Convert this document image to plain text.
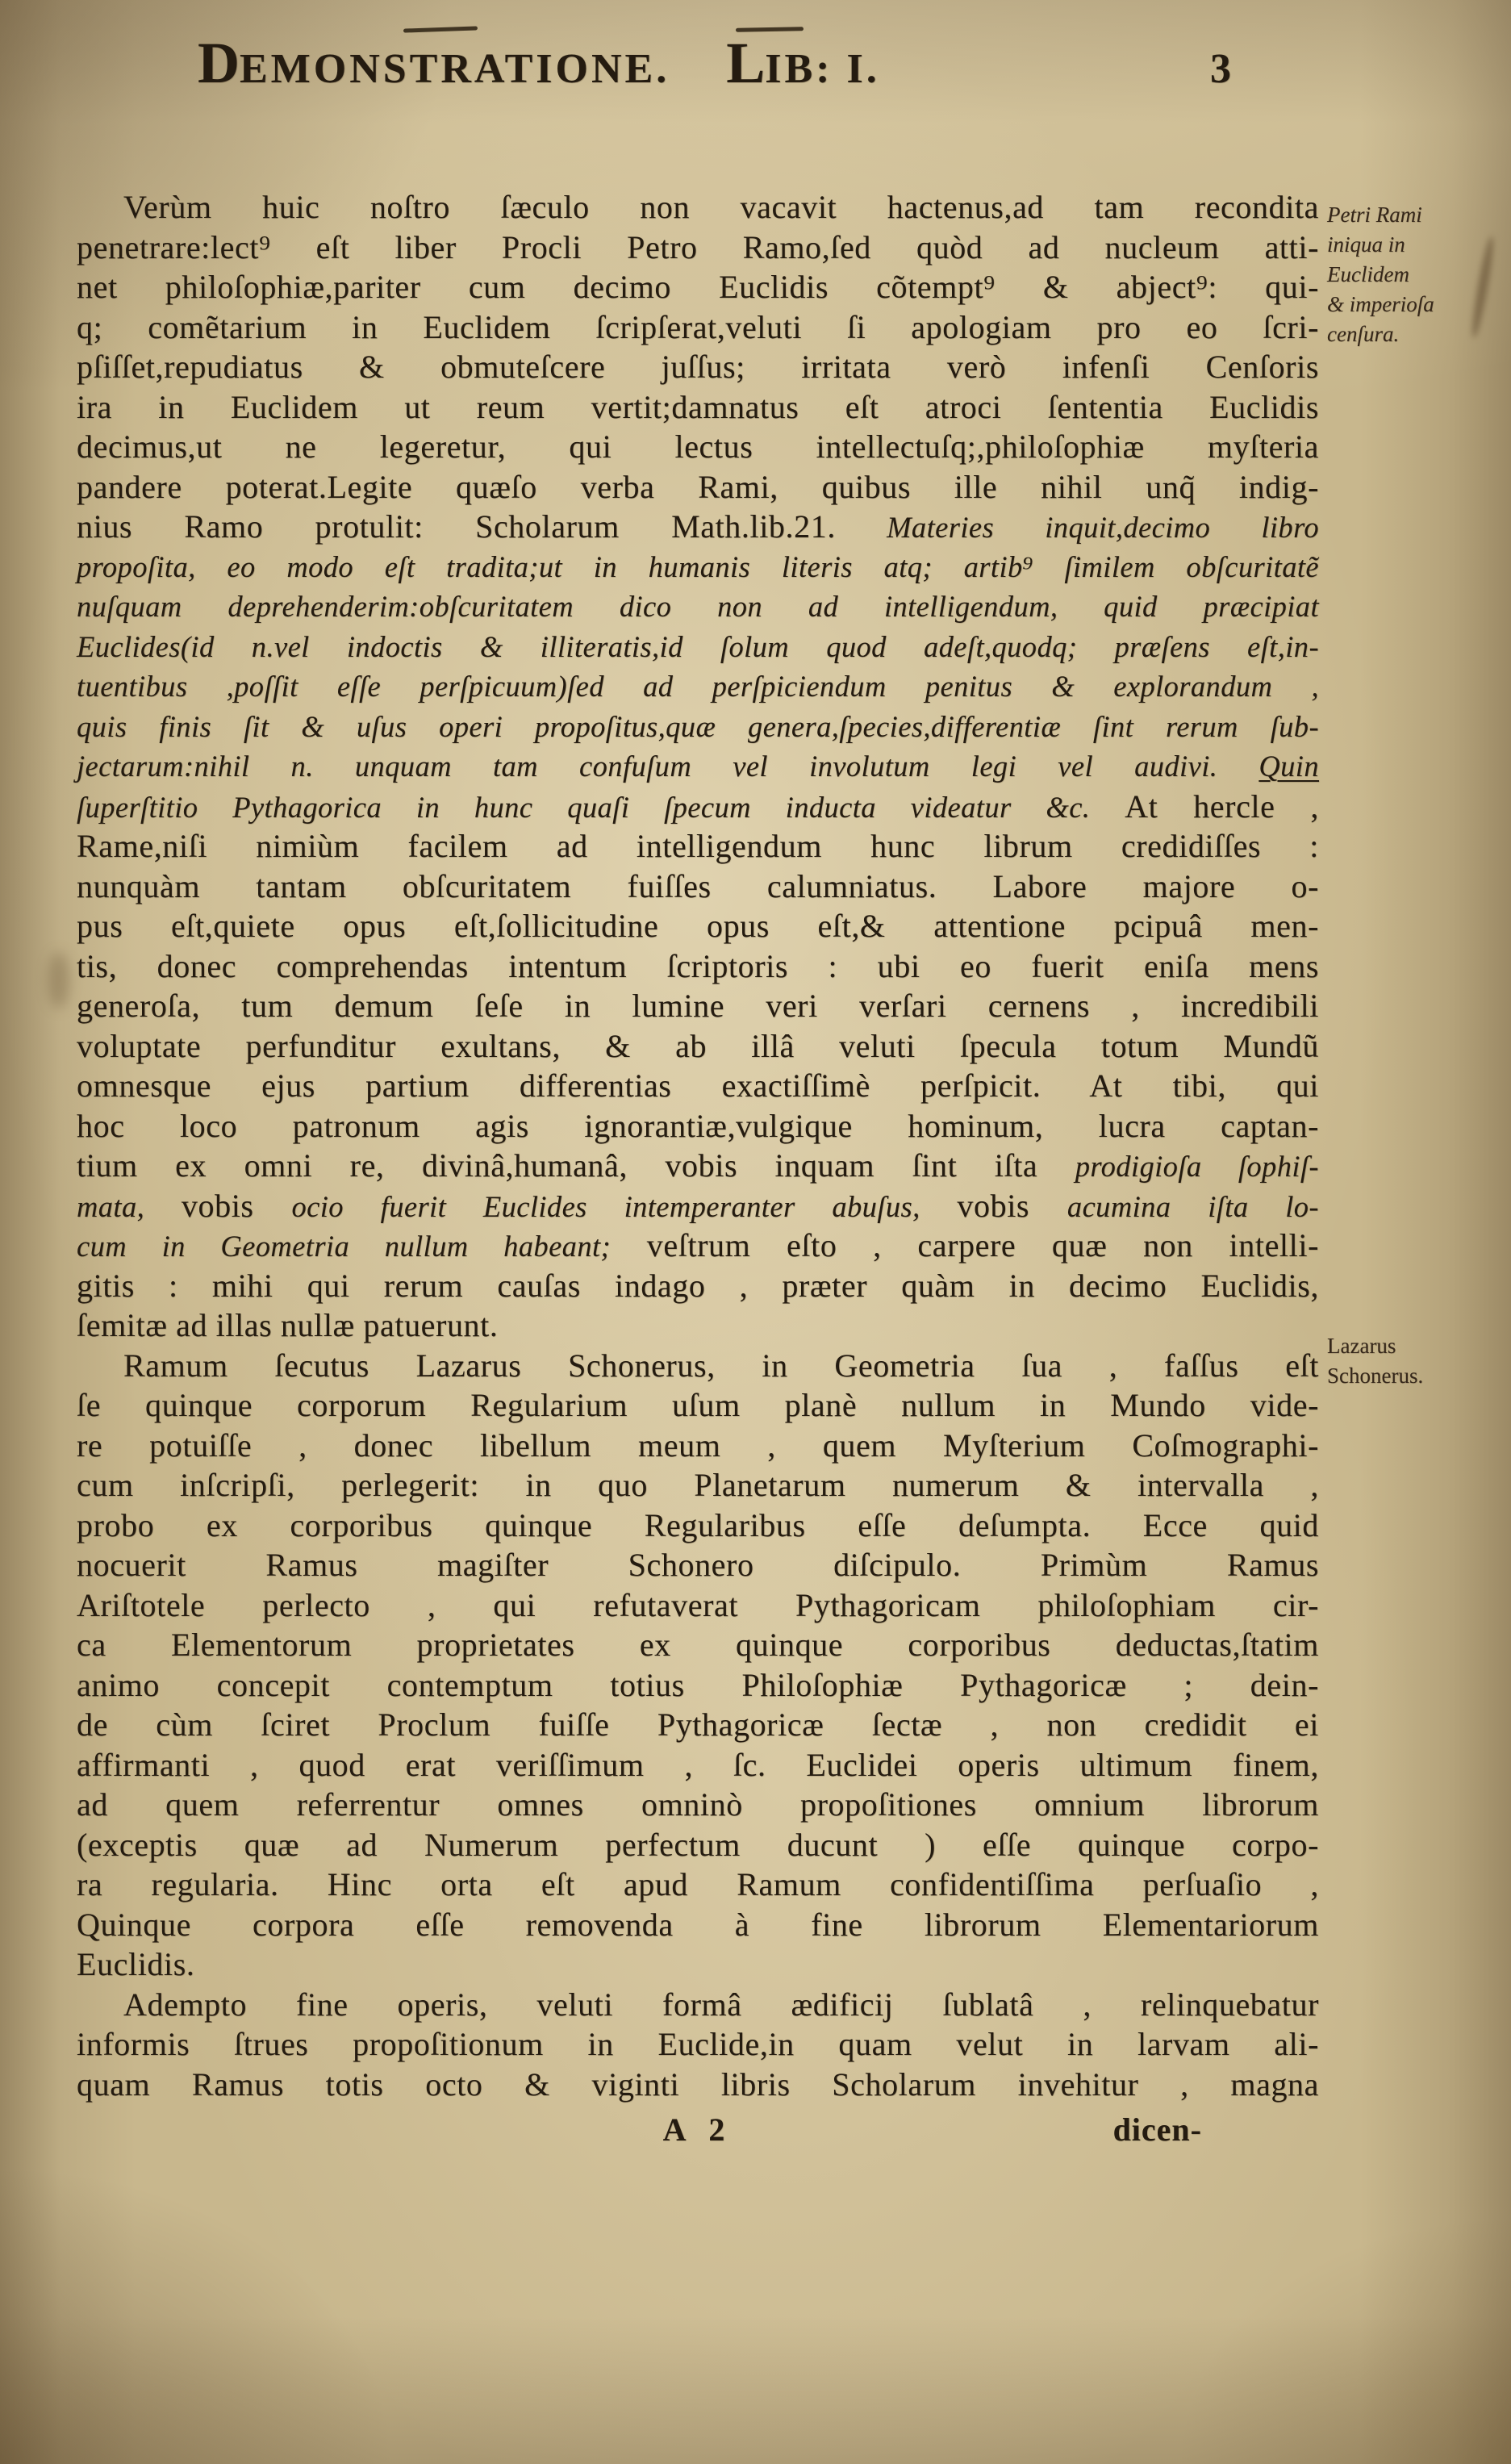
DEMONSTRATIONE. LIB: I.	3
Verùm huic noſtro ſæculo non vacavit hactenus,ad tam recondita
penetrare:lect⁹ eſt liber Procli Petro Ramo,ſed quòd ad nucleum atti-
net philoſophiæ,pariter cum decimo Euclidis cõtempt⁹ & abject⁹: qui-
q; comẽtarium in Euclidem ſcripſerat,veluti ſi apologiam pro eo ſcri-
pſiſſet,repudiatus & obmuteſcere juſſus; irritata verò infenſi Cenſoris
ira in Euclidem ut reum vertit;damnatus eſt atroci ſententia Euclidis
decimus,ut ne legeretur, qui lectus intellectuſq;,philoſophiæ myſteria
pandere poterat.Legite quæſo verba Rami, quibus ille nihil unq̃ indig-
nius Ramo protulit: Scholarum Math.lib.21. Materies inquit,decimo libro
propoſita, eo modo eſt tradita;ut in humanis literis atq; artib⁹ ſimilem obſcuritatẽ
nuſquam deprehenderim:obſcuritatem dico non ad intelligendum, quid præcipiat
Euclides(id n.vel indoctis & illiteratis,id ſolum quod adeſt,quodq; præſens eſt,in-
tuentibus ,poſſit eſſe perſpicuum)ſed ad perſpiciendum penitus & explorandum ,
quis finis ſit & uſus operi propoſitus,quæ genera,ſpecies,differentiæ ſint rerum ſub-
jectarum:nihil n. unquam tam confuſum vel involutum legi vel audivi. Quin
ſuperſtitio Pythagorica in hunc quaſi ſpecum inducta videatur &c. At hercle ,
Rame,niſi nimiùm facilem ad intelligendum hunc librum credidiſſes :
nunquàm tantam obſcuritatem fuiſſes calumniatus. Labore majore o-
pus eſt,quiete opus eſt,ſollicitudine opus eſt,& attentione pcipuâ men-
tis, donec comprehendas intentum ſcriptoris : ubi eo fuerit eniſa mens
generoſa, tum demum ſeſe in lumine veri verſari cernens , incredibili
voluptate perfunditur exultans, & ab illâ veluti ſpecula totum Mundũ
omnesque ejus partium differentias exactiſſimè perſpicit. At tibi, qui
hoc loco patronum agis ignorantiæ,vulgique hominum, lucra captan-
tium ex omni re, divinâ,humanâ, vobis inquam ſint iſta prodigioſa ſophiſ-
mata, vobis ocio fuerit Euclides intemperanter abuſus, vobis acumina iſta lo-
cum in Geometria nullum habeant; veſtrum eſto , carpere quæ non intelli-
gitis : mihi qui rerum cauſas indago , præter quàm in decimo Euclidis,
ſemitæ ad illas nullæ patuerunt.
Ramum ſecutus Lazarus Schonerus, in Geometria ſua , faſſus eſt
ſe quinque corporum Regularium uſum planè nullum in Mundo vide-
re potuiſſe , donec libellum meum , quem Myſterium Coſmographi-
cum inſcripſi, perlegerit: in quo Planetarum numerum & intervalla ,
probo ex corporibus quinque Regularibus eſſe deſumpta. Ecce quid
nocuerit Ramus magiſter Schonero diſcipulo. Primùm Ramus
Ariſtotele perlecto , qui refutaverat Pythagoricam philoſophiam cir-
ca Elementorum proprietates ex quinque corporibus deductas,ſtatim
animo concepit contemptum totius Philoſophiæ Pythagoricæ ; dein-
de cùm ſciret Proclum fuiſſe Pythagoricæ ſectæ , non credidit ei
affirmanti , quod erat veriſſimum , ſc. Euclidei operis ultimum finem,
ad quem referrentur omnes omninò propoſitiones omnium librorum
(exceptis quæ ad Numerum perfectum ducunt ) eſſe quinque corpo-
ra regularia. Hinc orta eſt apud Ramum confidentiſſima perſuaſio ,
Quinque corpora eſſe removenda à fine librorum Elementariorum
Euclidis.
Adempto fine operis, veluti formâ ædificij ſublatâ , relinquebatur
informis ſtrues propoſitionum in Euclide,in quam velut in larvam ali-
quam Ramus totis octo & viginti libris Scholarum invehitur , magna
Petri Rami
iniqua in
Euclidem
& imperioſa
cenſura.
Lazarus
Schonerus.
A 2	dicen-
